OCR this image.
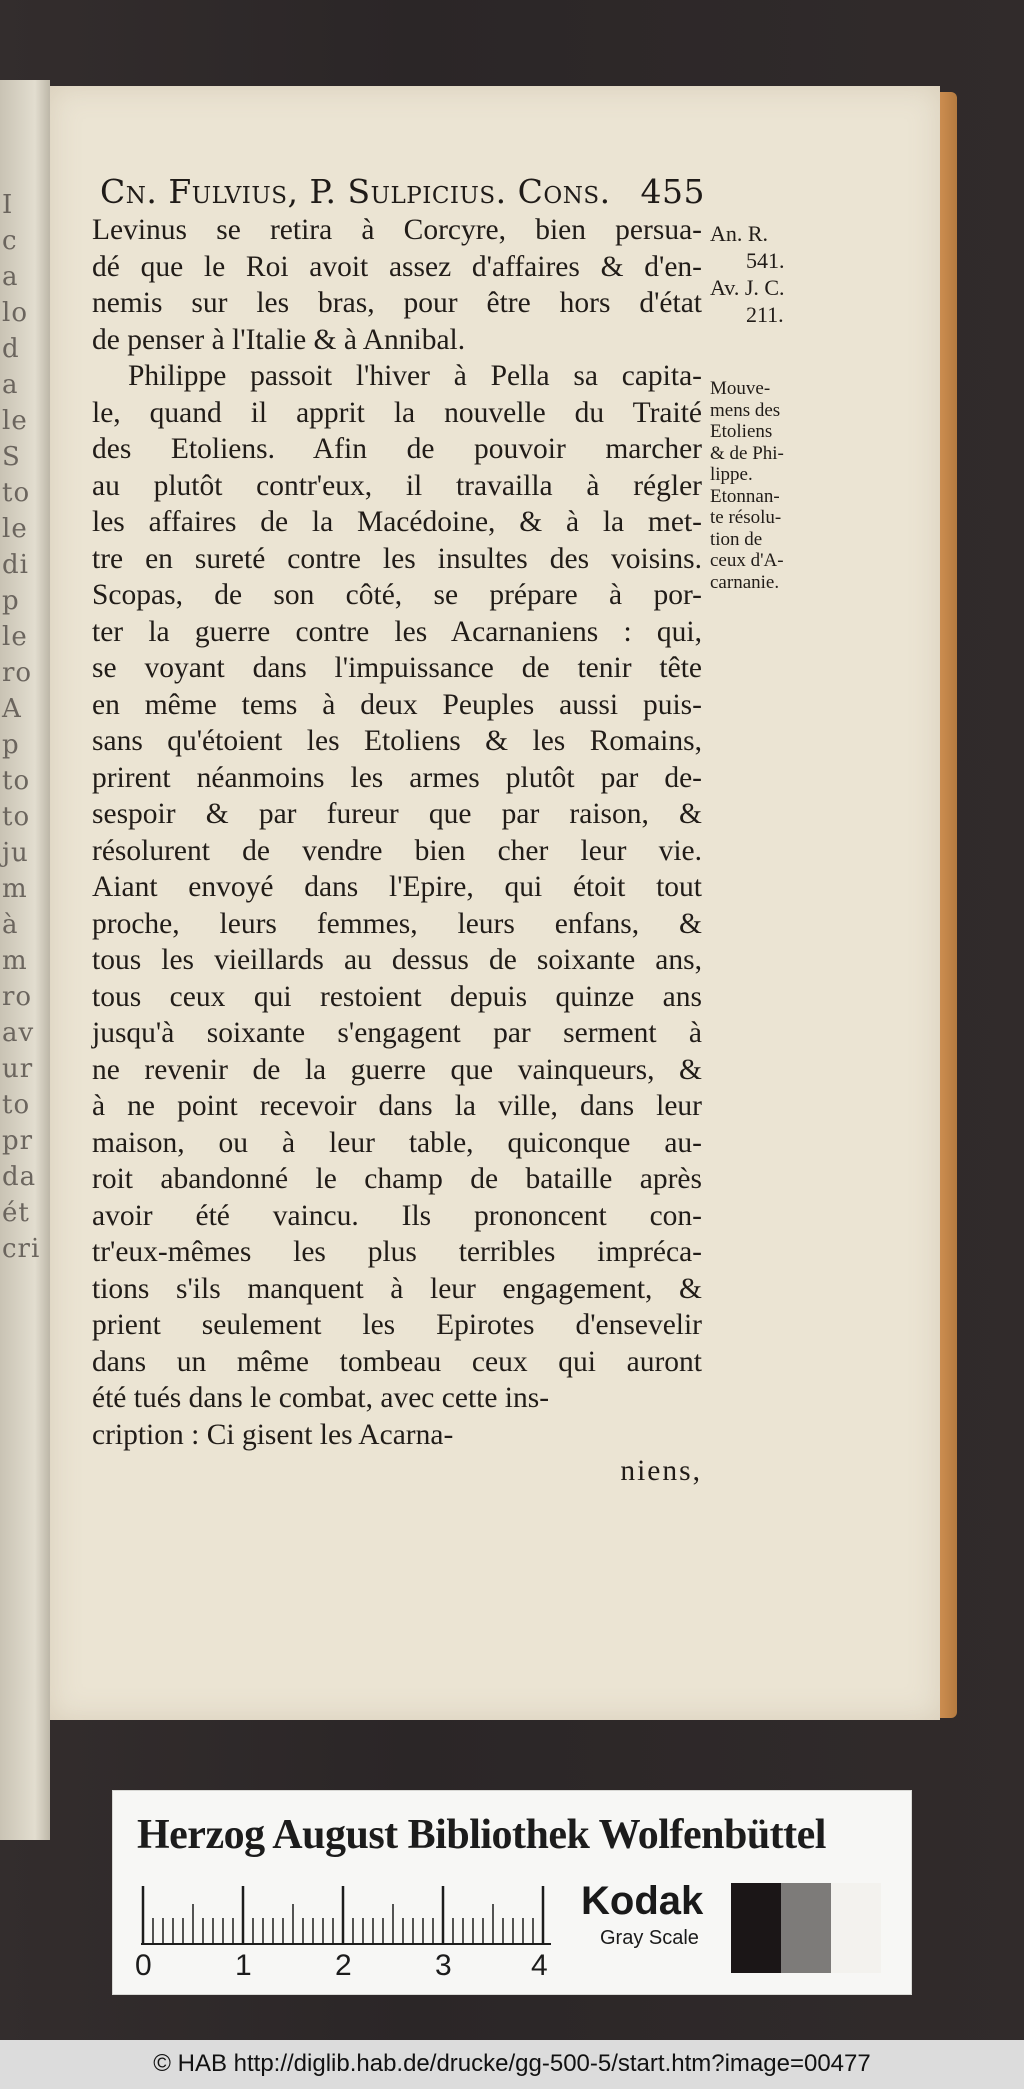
I
c
a
lo
d
a
le
S
to
le
di
p
le
ro
A
p
to
to
ju
m
à
m
ro
av
ur
to
pr
da
ét
cri
Cn. Fulvius, P. Sulpicius. Cons. 455
An. R.
541.
Av. J. C.
211.
Mouve-
mens des
Etoliens
& de Phi-
lippe.
Etonnan-
te résolu-
tion de
ceux d'A-
carnanie.
Levinus se retira à Corcyre, bien persua-
dé que le Roi avoit assez d'affaires & d'en-
nemis sur les bras, pour être hors d'état
de penser à l'Italie & à Annibal.
Philippe passoit l'hiver à Pella sa capita-
le, quand il apprit la nouvelle du Traité
des Etoliens. Afin de pouvoir marcher
au plutôt contr'eux, il travailla à régler
les affaires de la Macédoine, & à la met-
tre en sureté contre les insultes des voisins.
Scopas, de son côté, se prépare à por-
ter la guerre contre les Acarnaniens : qui,
se voyant dans l'impuissance de tenir tête
en même tems à deux Peuples aussi puis-
sans qu'étoient les Etoliens & les Romains,
prirent néanmoins les armes plutôt par de-
sespoir & par fureur que par raison, &
résolurent de vendre bien cher leur vie.
Aiant envoyé dans l'Epire, qui étoit tout
proche, leurs femmes, leurs enfans, &
tous les vieillards au dessus de soixante ans,
tous ceux qui restoient depuis quinze ans
jusqu'à soixante s'engagent par serment à
ne revenir de la guerre que vainqueurs, &
à ne point recevoir dans la ville, dans leur
maison, ou à leur table, quiconque au-
roit abandonné le champ de bataille après
avoir été vaincu. Ils prononcent con-
tr'eux-mêmes les plus terribles impréca-
tions s'ils manquent à leur engagement, &
prient seulement les Epirotes d'ensevelir
dans un même tombeau ceux qui auront
été tués dans le combat, avec cette ins-
cription : Ci gisent les Acarna-
niens,
Herzog August Bibliothek Wolfenbüttel
0	1	2	3	4
Kodak
Gray Scale
© HAB http://diglib.hab.de/drucke/gg-500-5/start.htm?image=00477
